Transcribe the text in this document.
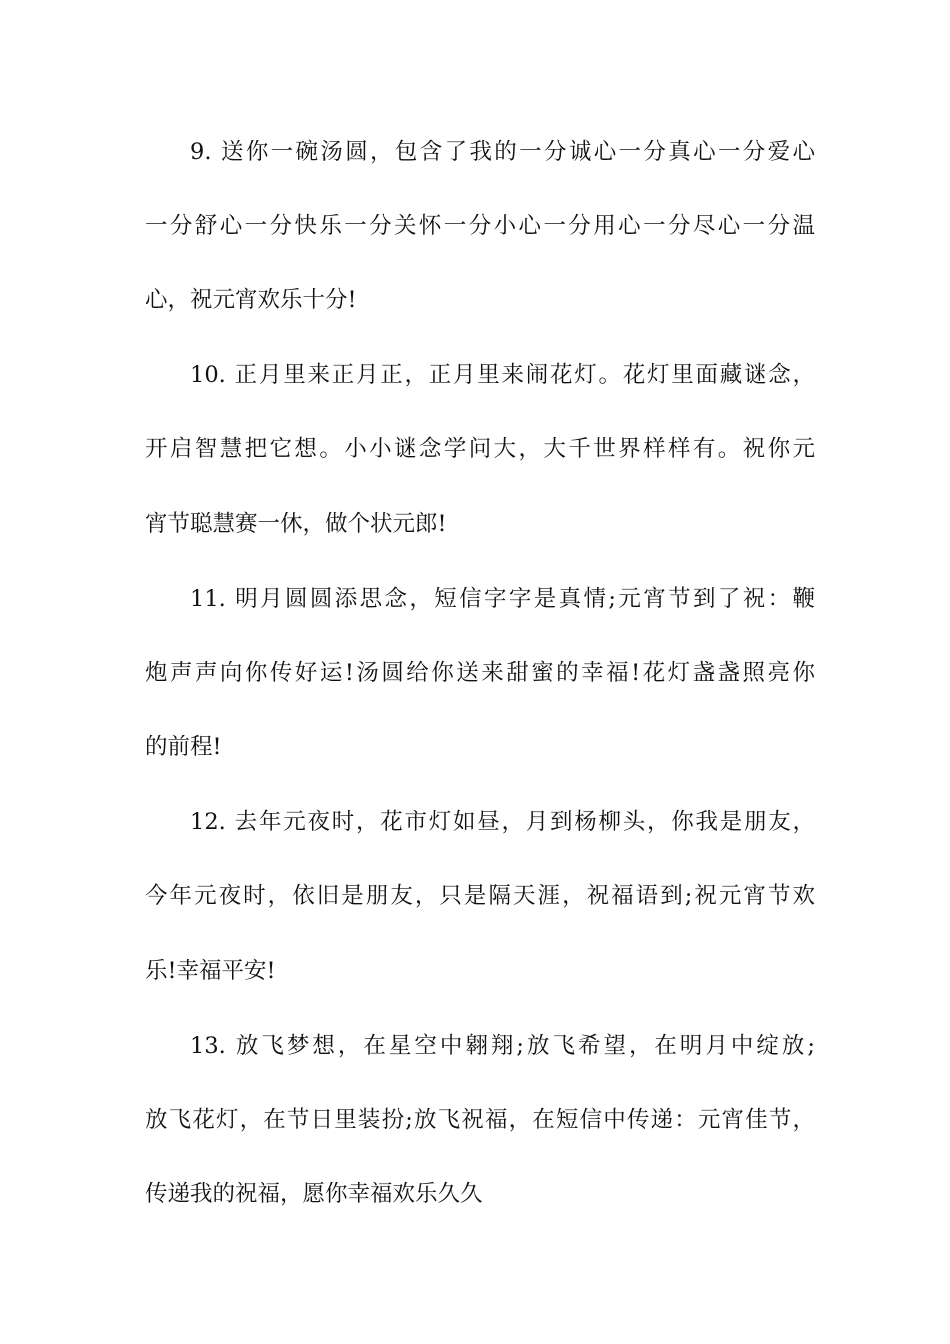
9. 送你一碗汤圆，包含了我的一分诚心一分真心一分爱心
一分舒心一分快乐一分关怀一分小心一分用心一分尽心一分温
心，祝元宵欢乐十分!
10. 正月里来正月正，正月里来闹花灯。花灯里面藏谜念，
开启智慧把它想。小小谜念学问大，大千世界样样有。祝你元
宵节聪慧赛一休，做个状元郎!
11. 明月圆圆添思念，短信字字是真情;元宵节到了祝：鞭
炮声声向你传好运!汤圆给你送来甜蜜的幸福!花灯盏盏照亮你
的前程!
12. 去年元夜时，花市灯如昼，月到杨柳头，你我是朋友，
今年元夜时，依旧是朋友，只是隔天涯，祝福语到;祝元宵节欢
乐!幸福平安!
13. 放飞梦想，在星空中翱翔;放飞希望，在明月中绽放;
放飞花灯，在节日里装扮;放飞祝福，在短信中传递：元宵佳节，
传递我的祝福，愿你幸福欢乐久久
